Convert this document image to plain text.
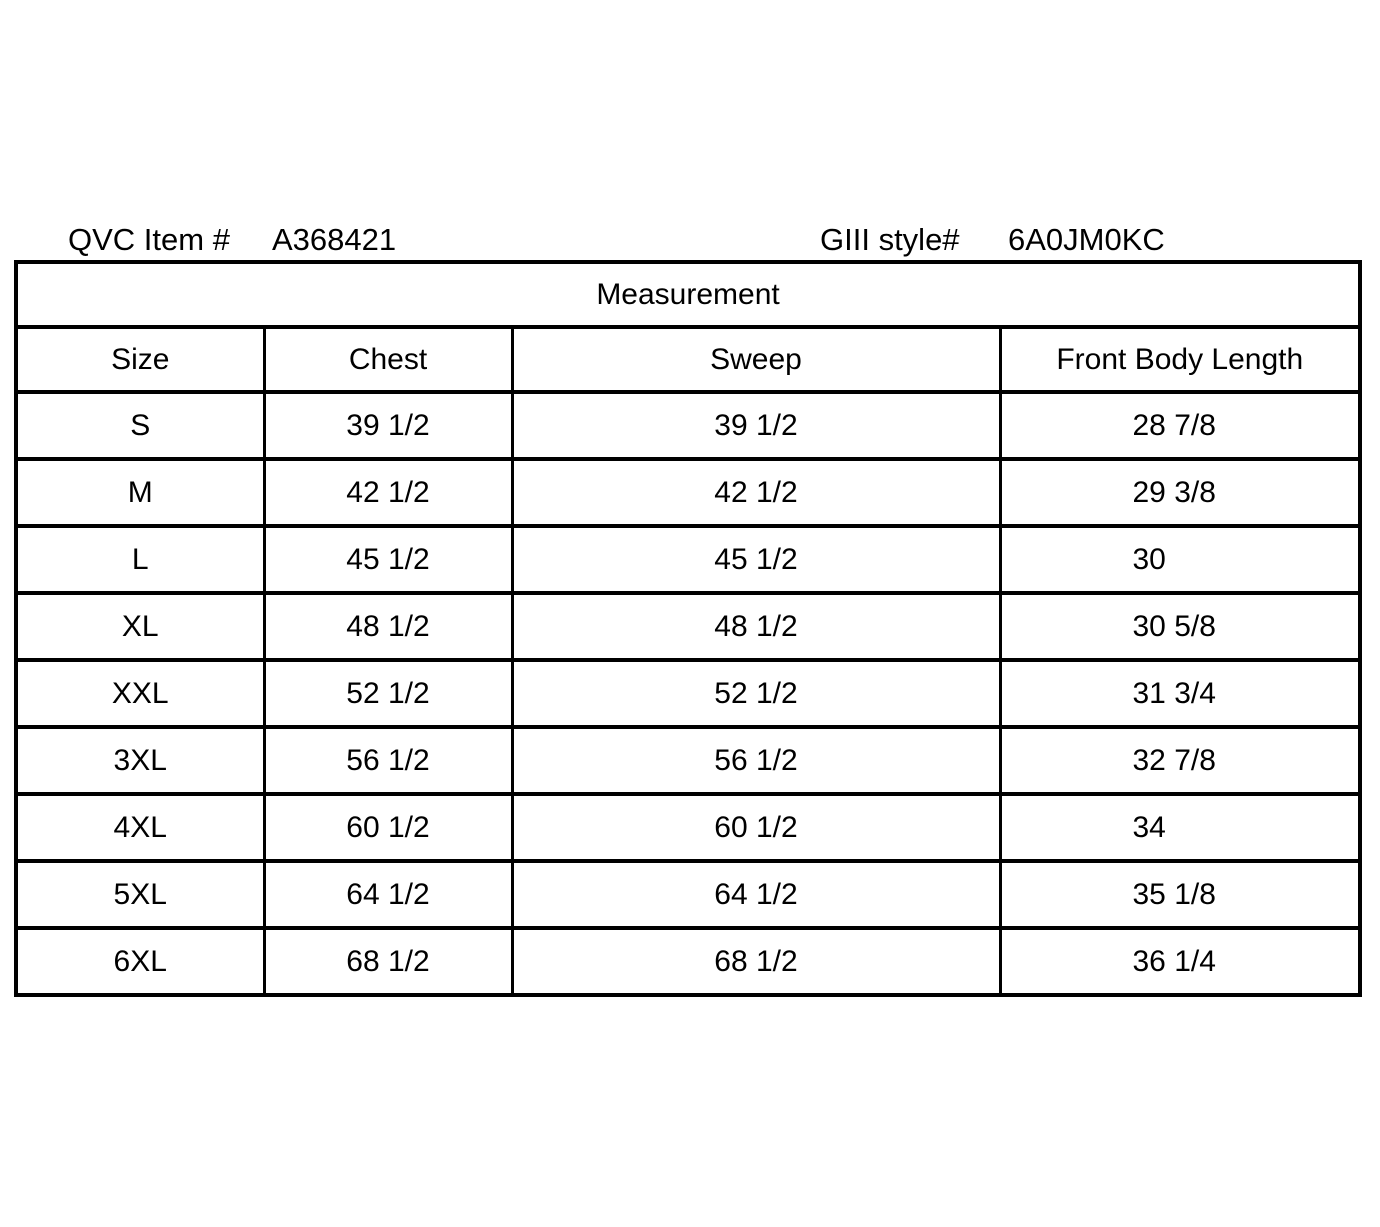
QVC Item # A368421	GIII style# 6A0JM0KC
Measurement			
Size	Chest	Sweep	Front Body Length
S	39 1/2	39 1/2	28 7/8
M	42 1/2	42 1/2	29 3/8
L	45 1/2	45 1/2	30
XL	48 1/2	48 1/2	30 5/8
XXL	52 1/2	52 1/2	31 3/4
3XL	56 1/2	56 1/2	32 7/8
4XL	60 1/2	60 1/2	34
5XL	64 1/2	64 1/2	35 1/8
6XL	68 1/2	68 1/2	36 1/4
